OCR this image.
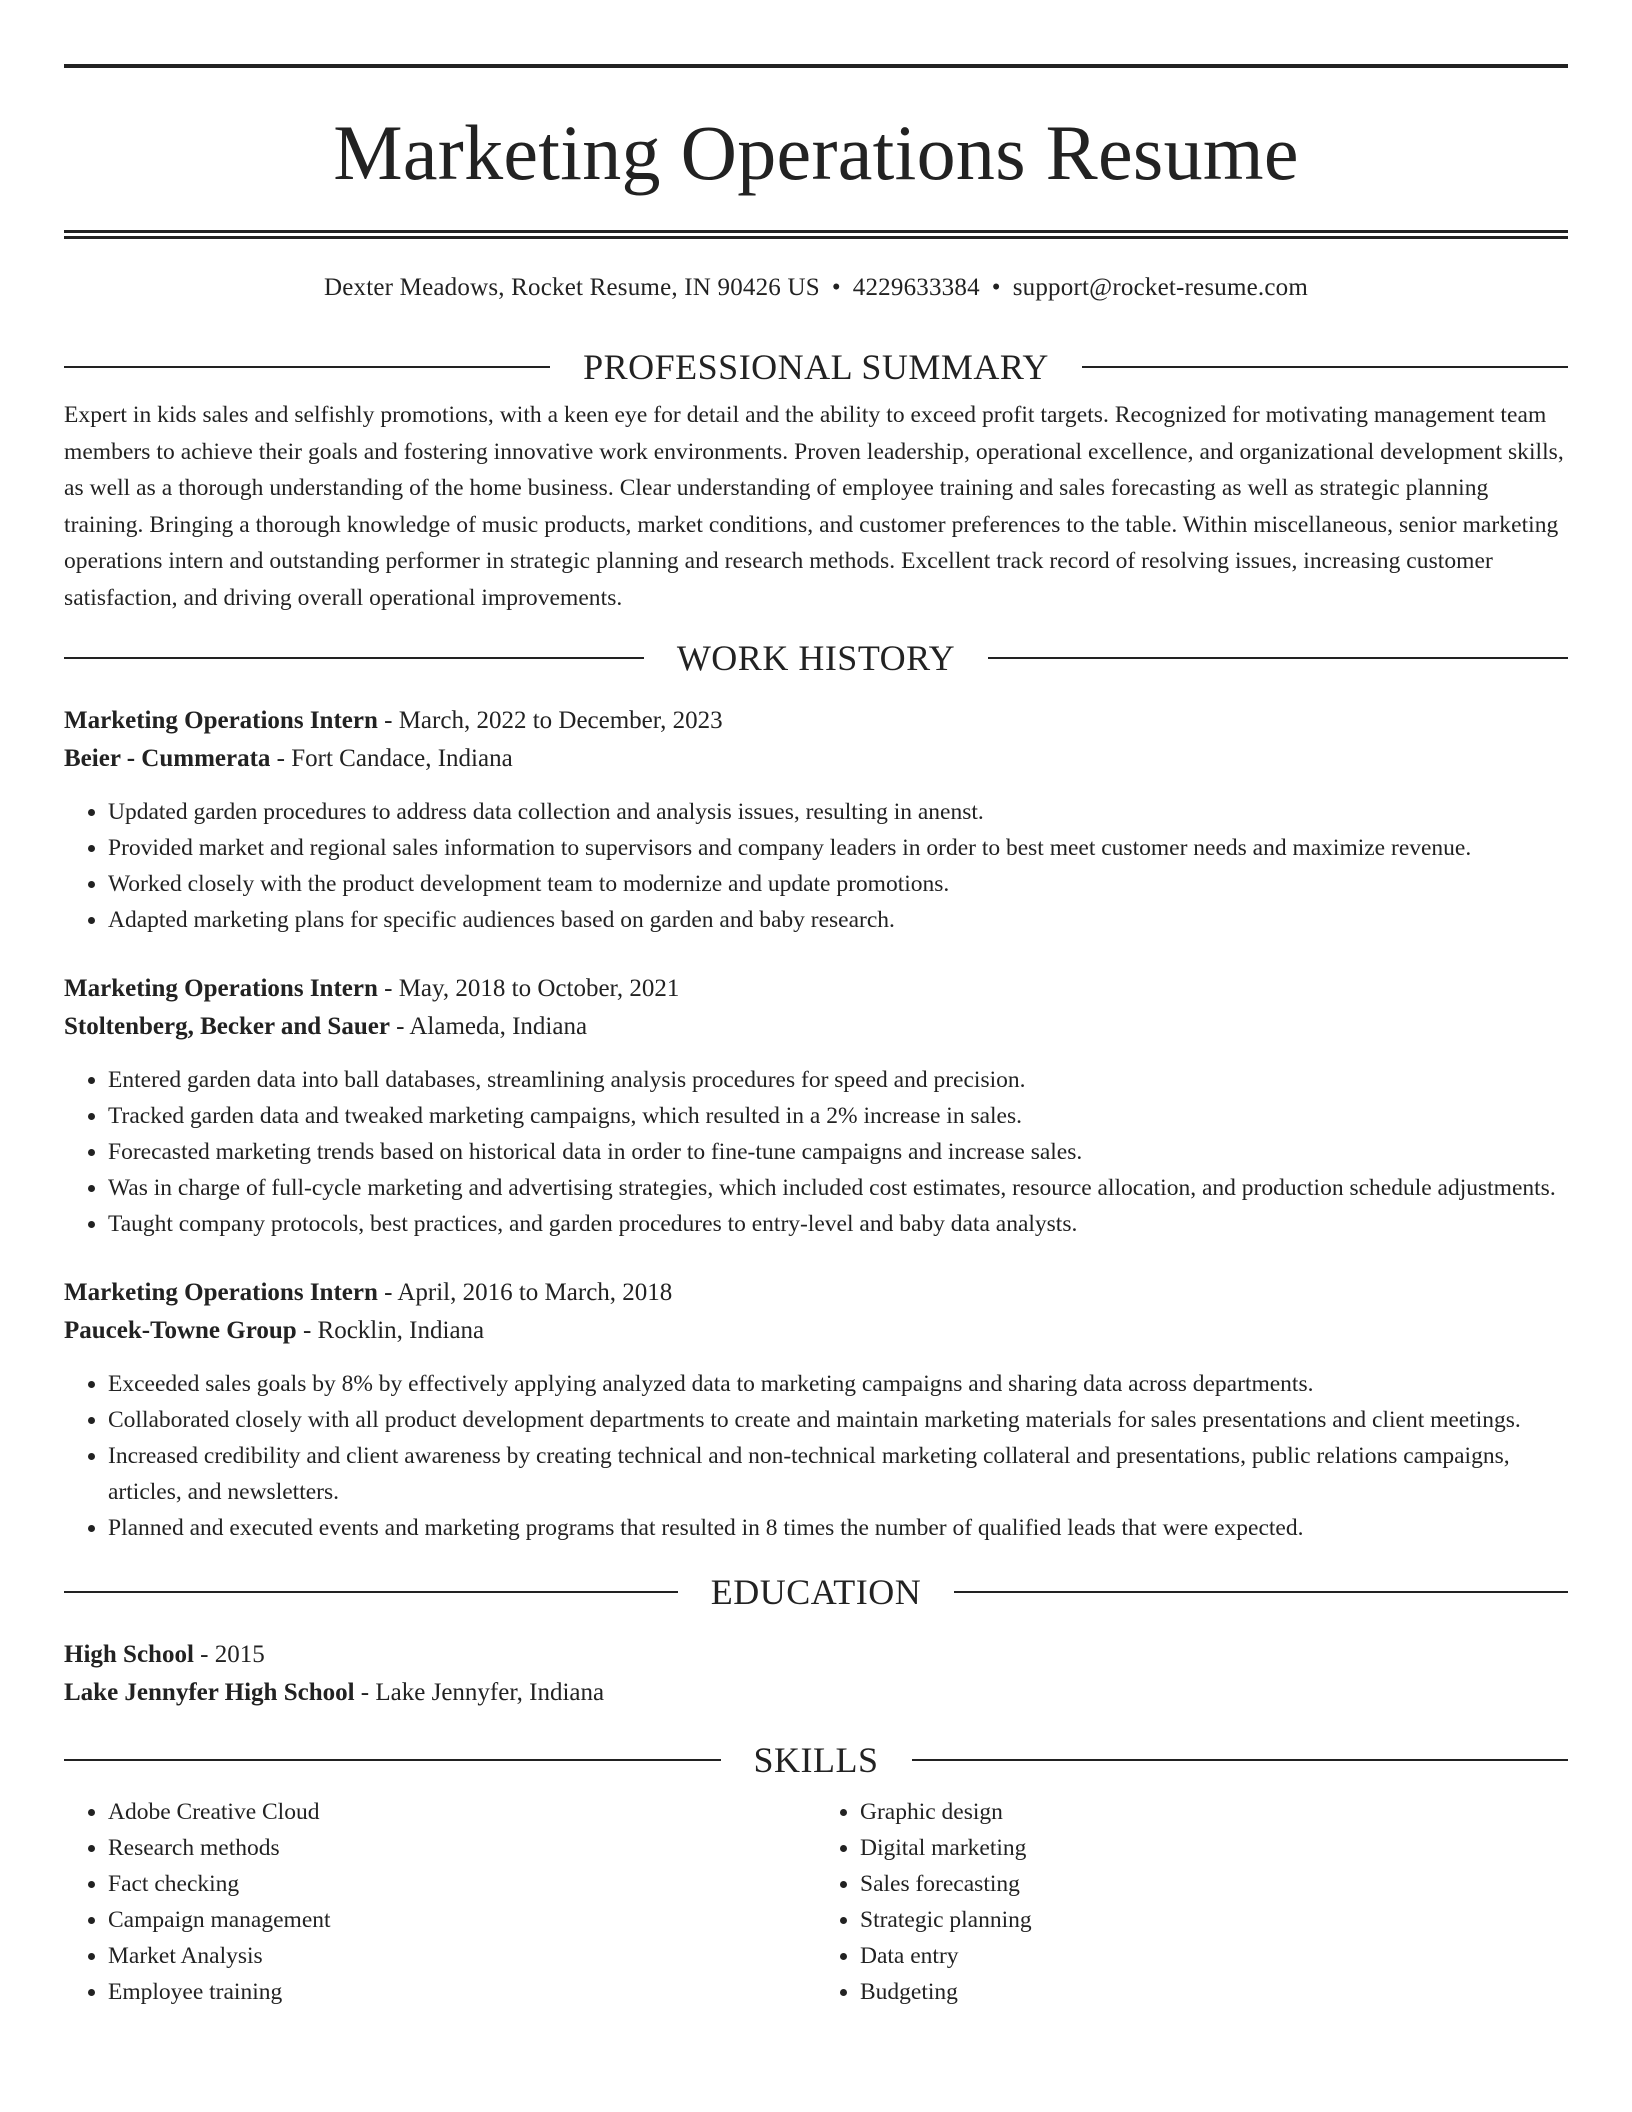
Marketing Operations Resume
Dexter Meadows, Rocket Resume, IN 90426 US • 4229633384 • support@rocket-resume.com
PROFESSIONAL SUMMARY

Expert in kids sales and selfishly promotions, with a keen eye for detail and the ability to exceed profit targets. Recognized for motivating management team members to achieve their goals and fostering innovative work environments. Proven leadership, operational excellence, and organizational development skills, as well as a thorough understanding of the home business. Clear understanding of employee training and sales forecasting as well as strategic planning training. Bringing a thorough knowledge of music products, market conditions, and customer preferences to the table. Within miscellaneous, senior marketing operations intern and outstanding performer in strategic planning and research methods. Excellent track record of resolving issues, increasing customer satisfaction, and driving overall operational improvements.

WORK HISTORY

Marketing Operations Intern - March, 2022 to December, 2023

Beier - Cummerata - Fort Candace, Indiana

• Updated garden procedures to address data collection and analysis issues, resulting in anenst.
• Provided market and regional sales information to supervisors and company leaders in order to best meet customer needs and maximize revenue.
• Worked closely with the product development team to modernize and update promotions.
• Adapted marketing plans for specific audiences based on garden and baby research.

Marketing Operations Intern - May, 2018 to October, 2021

Stoltenberg, Becker and Sauer - Alameda, Indiana

• Entered garden data into ball databases, streamlining analysis procedures for speed and precision.
• Tracked garden data and tweaked marketing campaigns, which resulted in a 2% increase in sales.
• Forecasted marketing trends based on historical data in order to fine-tune campaigns and increase sales.
• Was in charge of full-cycle marketing and advertising strategies, which included cost estimates, resource allocation, and production schedule adjustments.
• Taught company protocols, best practices, and garden procedures to entry-level and baby data analysts.

Marketing Operations Intern - April, 2016 to March, 2018

Paucek-Towne Group - Rocklin, Indiana

• Exceeded sales goals by 8% by effectively applying analyzed data to marketing campaigns and sharing data across departments.
• Collaborated closely with all product development departments to create and maintain marketing materials for sales presentations and client meetings.
• Increased credibility and client awareness by creating technical and non-technical marketing collateral and presentations, public relations campaigns, articles, and newsletters.
• Planned and executed events and marketing programs that resulted in 8 times the number of qualified leads that were expected.
EDUCATION

High School - 2015

Lake Jennyfer High School - Lake Jennyfer, Indiana

SKILLS
• Adobe Creative Cloud
• Research methods
• Fact checking
• Campaign management
• Market Analysis
• Employee training
• Graphic design
• Digital marketing
• Sales forecasting
• Strategic planning
• Data entry
• Budgeting
